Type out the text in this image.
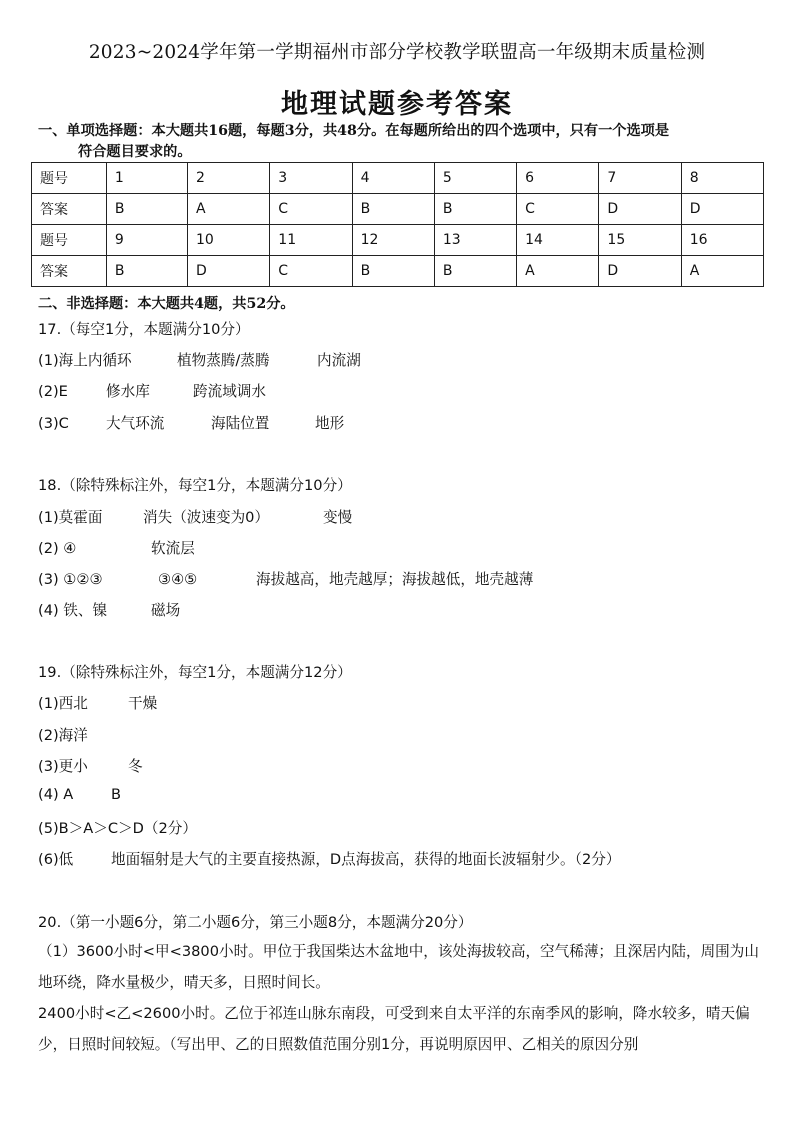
2023~2024学年第一学期福州市部分学校教学联盟高一年级期末质量检测
地理试题参考答案
一、单项选择题：本大题共16题，每题3分，共48分。在每题所给出的四个选项中，只有一个选项是
符合题目要求的。
题号	1	2	3	4	5	6	7	8
答案	B	A	C	B	B	C	D	D
题号	9	10	11	12	13	14	15	16
答案	B	D	C	B	B	A	D	A
二、非选择题：本大题共4题，共52分。
17.（每空1分，本题满分10分）
(1)海上内循环	植物蒸腾/蒸腾	内流湖
(2)E	修水库	跨流域调水
(3)C	大气环流	海陆位置	地形
18.（除特殊标注外，每空1分，本题满分10分）
(1)莫霍面	消失（波速变为0）	变慢
(2) ④	软流层
(3) ①②③	③④⑤	海拔越高，地壳越厚；海拔越低，地壳越薄
(4) 铁、镍	磁场
19.（除特殊标注外，每空1分，本题满分12分）
(1)西北	干燥
(2)海洋
(3)更小	冬
(4) A	B
(5)B＞A＞C＞D（2分）
(6)低	地面辐射是大气的主要直接热源，D点海拔高，获得的地面长波辐射少。（2分）
20.（第一小题6分，第二小题6分，第三小题8分，本题满分20分）
（1）3600小时<甲<3800小时。甲位于我国柴达木盆地中，该处海拔较高，空气稀薄；且深居内陆，周围为山地环绕，降水量极少，晴天多，日照时间长。
2400小时<乙<2600小时。乙位于祁连山脉东南段，可受到来自太平洋的东南季风的影响，降水较多，晴天偏少，日照时间较短。（写出甲、乙的日照数值范围分别1分，再说明原因甲、乙相关的原因分别
